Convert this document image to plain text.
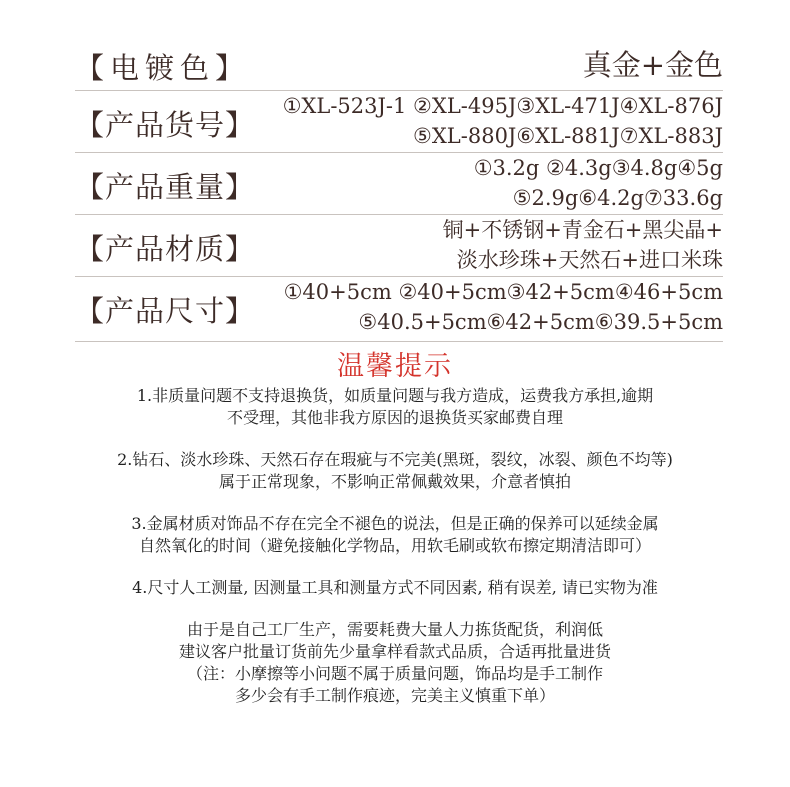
【电镀色】	真金+金色
【产品货号】
①XL-523J-1 ②XL-495J③XL-471J④XL-876J
⑤XL-880J⑥XL-881J⑦XL-883J
【产品重量】
①3.2g ②4.3g③4.8g④5g
⑤2.9g⑥4.2g⑦33.6g
【产品材质】
铜+不锈钢+青金石+黑尖晶+
淡水珍珠+天然石+进口米珠
【产品尺寸】
①40+5cm ②40+5cm③42+5cm④46+5cm
⑤40.5+5cm⑥42+5cm⑥39.5+5cm
温馨提示
1.非质量问题不支持退换货，如质量问题与我方造成，运费我方承担,逾期
不受理，其他非我方原因的退换货买家邮费自理
2.钻石、淡水珍珠、天然石存在瑕疵与不完美(黑斑，裂纹，冰裂、颜色不均等)
属于正常现象，不影响正常佩戴效果，介意者慎拍
3.金属材质对饰品不存在完全不褪色的说法，但是正确的保养可以延续金属
自然氧化的时间（避免接触化学物品，用软毛刷或软布擦定期清洁即可）
4.尺寸人工测量, 因测量工具和测量方式不同因素, 稍有误差, 请已实物为准
由于是自己工厂生产，需要耗费大量人力拣货配货，利润低
建议客户批量订货前先少量拿样看款式品质，合适再批量进货
（注：小摩擦等小问题不属于质量问题，饰品均是手工制作
多少会有手工制作痕迹，完美主义慎重下单）
